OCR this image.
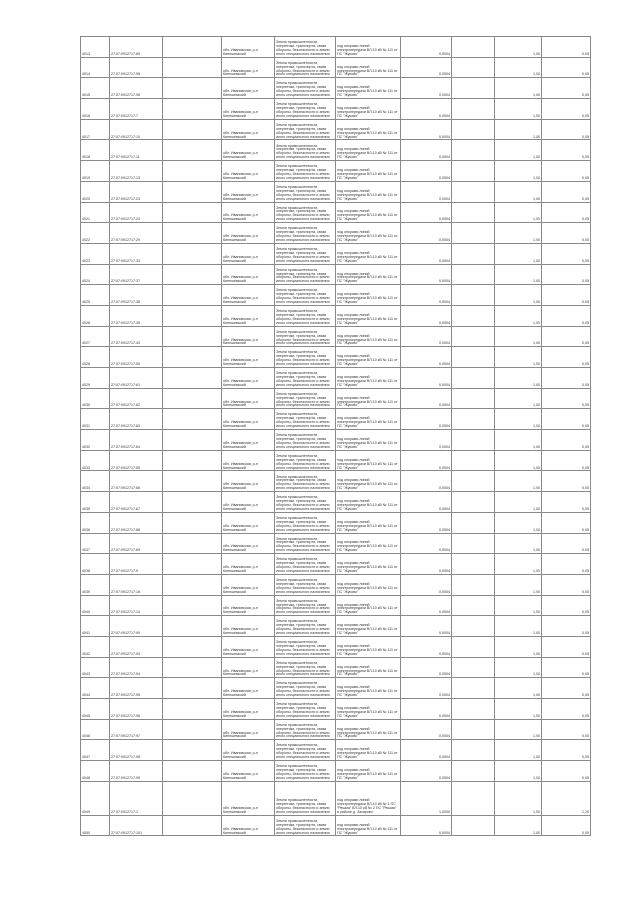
4013	27:07:0912717:89		обл. Ивановская, р-н Кинешемский	Земли промышленности, энергетики, транспорта, связи обороны, безопасности и земли иного специального назначения	под опорами линий электропередачи ВЛ-10 кВ № 111 от ПС "Жуково"	0,0004		1,00	0,05
4014	27:07:0912717:95		обл. Ивановская, р-н Кинешемский	Земли промышленности, энергетики, транспорта, связи обороны, безопасности и земли иного специального назначения	под опорами линий электропередачи ВЛ-10 кВ № 111 от ПС "Жуково"	0,0004		1,00	0,05
4015	27:07:0912717:96		обл. Ивановская, р-н Кинешемский	Земли промышленности, энергетики, транспорта, связи обороны, безопасности и земли иного специального назначения	под опорами линий электропередачи ВЛ-10 кВ № 111 от ПС "Жуково"	0,0004		1,00	0,05
4016	27:07:0912717:7		обл. Ивановская, р-н Кинешемский	Земли промышленности, энергетики, транспорта, связи обороны, безопасности и земли иного специального назначения	под опорами линий электропередачи ВЛ-10 кВ № 111 от ПС "Жуково"	0,0004		1,00	0,05
4017	27:07:0912717:10		обл. Ивановская, р-н Кинешемский	Земли промышленности, энергетики, транспорта, связи обороны, безопасности и земли иного специального назначения	под опорами линий электропередачи ВЛ-10 кВ № 111 от ПС "Жуково"	0,0004		1,00	0,05
4018	27:07:0912717:11		обл. Ивановская, р-н Кинешемский	Земли промышленности, энергетики, транспорта, связи обороны, безопасности и земли иного специального назначения	под опорами линий электропередачи ВЛ-10 кВ № 111 от ПС "Жуково"	0,0004		1,00	0,05
4019	27:07:0912717:13		обл. Ивановская, р-н Кинешемский	Земли промышленности, энергетики, транспорта, связи обороны, безопасности и земли иного специального назначения	под опорами линий электропередачи ВЛ-10 кВ № 111 от ПС "Жуково"	0,0004		1,00	0,05
4020	27:07:0912717:23		обл. Ивановская, р-н Кинешемский	Земли промышленности, энергетики, транспорта, связи обороны, безопасности и земли иного специального назначения	под опорами линий электропередачи ВЛ-10 кВ № 111 от ПС "Жуково"	0,0004		1,00	0,05
4021	27:07:0912717:24		обл. Ивановская, р-н Кинешемский	Земли промышленности, энергетики, транспорта, связи обороны, безопасности и земли иного специального назначения	под опорами линий электропередачи ВЛ-10 кВ № 111 от ПС "Жуково"	0,0004		1,00	0,05
4022	27:07:0912717:29		обл. Ивановская, р-н Кинешемский	Земли промышленности, энергетики, транспорта, связи обороны, безопасности и земли иного специального назначения	под опорами линий электропередачи ВЛ-10 кВ № 111 от ПС "Жуково"	0,0004		1,00	0,05
4023	27:07:0912717:33		обл. Ивановская, р-н Кинешемский	Земли промышленности, энергетики, транспорта, связи обороны, безопасности и земли иного специального назначения	под опорами линий электропередачи ВЛ-10 кВ № 111 от ПС "Жуково"	0,0004		1,00	0,05
4024	27:07:0912717:37		обл. Ивановская, р-н Кинешемский	Земли промышленности, энергетики, транспорта, связи обороны, безопасности и земли иного специального назначения	под опорами линий электропередачи ВЛ-10 кВ № 111 от ПС "Жуково"	0,0004		1,00	0,05
4025	27:07:0912717:38		обл. Ивановская, р-н Кинешемский	Земли промышленности, энергетики, транспорта, связи обороны, безопасности и земли иного специального назначения	под опорами линий электропередачи ВЛ-10 кВ № 111 от ПС "Жуково"	0,0004		1,00	0,05
4026	27:07:0912717:39		обл. Ивановская, р-н Кинешемский	Земли промышленности, энергетики, транспорта, связи обороны, безопасности и земли иного специального назначения	под опорами линий электропередачи ВЛ-10 кВ № 111 от ПС "Жуково"	0,0004		1,00	0,05
4027	27:07:0912717:43		обл. Ивановская, р-н Кинешемский	Земли промышленности, энергетики, транспорта, связи обороны, безопасности и земли иного специального назначения	под опорами линий электропередачи ВЛ-10 кВ № 111 от ПС "Жуково"	0,0004		1,00	0,05
4028	27:07:0912717:50		обл. Ивановская, р-н Кинешемский	Земли промышленности, энергетики, транспорта, связи обороны, безопасности и земли иного специального назначения	под опорами линий электропередачи ВЛ-10 кВ № 111 от ПС "Жуково"	0,0004		1,00	0,05
4029	27:07:0912717:61		обл. Ивановская, р-н Кинешемский	Земли промышленности, энергетики, транспорта, связи обороны, безопасности и земли иного специального назначения	под опорами линий электропередачи ВЛ-10 кВ № 111 от ПС "Жуково"	0,0004		1,00	0,05
4030	27:07:0912717:62		обл. Ивановская, р-н Кинешемский	Земли промышленности, энергетики, транспорта, связи обороны, безопасности и земли иного специального назначения	под опорами линий электропередачи ВЛ-10 кВ № 111 от ПС "Жуково"	0,0004		1,00	0,05
4031	27:07:0912717:63		обл. Ивановская, р-н Кинешемский	Земли промышленности, энергетики, транспорта, связи обороны, безопасности и земли иного специального назначения	под опорами линий электропередачи ВЛ-10 кВ № 111 от ПС "Жуково"	0,0004		1,00	0,05
4032	27:07:0912717:64		обл. Ивановская, р-н Кинешемский	Земли промышленности, энергетики, транспорта, связи обороны, безопасности и земли иного специального назначения	под опорами линий электропередачи ВЛ-10 кВ № 111 от ПС "Жуково"	0,0004		1,00	0,05
4033	27:07:0912717:65		обл. Ивановская, р-н Кинешемский	Земли промышленности, энергетики, транспорта, связи обороны, безопасности и земли иного специального назначения	под опорами линий электропередачи ВЛ-10 кВ № 111 от ПС "Жуково"	0,0004		1,00	0,05
4034	27:07:0912717:66		обл. Ивановская, р-н Кинешемский	Земли промышленности, энергетики, транспорта, связи обороны, безопасности и земли иного специального назначения	под опорами линий электропередачи ВЛ-10 кВ № 111 от ПС "Жуково"	0,0004		1,00	0,05
4035	27:07:0912717:67		обл. Ивановская, р-н Кинешемский	Земли промышленности, энергетики, транспорта, связи обороны, безопасности и земли иного специального назначения	под опорами линий электропередачи ВЛ-10 кВ № 111 от ПС "Жуково"	0,0004		1,00	0,05
4036	27:07:0912717:68		обл. Ивановская, р-н Кинешемский	Земли промышленности, энергетики, транспорта, связи обороны, безопасности и земли иного специального назначения	под опорами линий электропередачи ВЛ-10 кВ № 111 от ПС "Жуково"	0,0004		1,00	0,05
4037	27:07:0912717:69		обл. Ивановская, р-н Кинешемский	Земли промышленности, энергетики, транспорта, связи обороны, безопасности и земли иного специального назначения	под опорами линий электропередачи ВЛ-10 кВ № 111 от ПС "Жуково"	0,0004		1,00	0,05
4038	27:07:0912717:9		обл. Ивановская, р-н Кинешемский	Земли промышленности, энергетики, транспорта, связи обороны, безопасности и земли иного специального назначения	под опорами линий электропередачи ВЛ-10 кВ № 111 от ПС "Жуково"	0,0004		1,00	0,05
4039	27:07:0912717:16		обл. Ивановская, р-н Кинешемский	Земли промышленности, энергетики, транспорта, связи обороны, безопасности и земли иного специального назначения	под опорами линий электропередачи ВЛ-10 кВ № 111 от ПС "Жуково"	0,0004		1,00	0,05
4040	27:07:0912717:14		обл. Ивановская, р-н Кинешемский	Земли промышленности, энергетики, транспорта, связи обороны, безопасности и земли иного специального назначения	под опорами линий электропередачи ВЛ-10 кВ № 111 от ПС "Жуково"	0,0004		1,00	0,05
4041	27:07:0912717:90		обл. Ивановская, р-н Кинешемский	Земли промышленности, энергетики, транспорта, связи обороны, безопасности и земли иного специального назначения	под опорами линий электропередачи ВЛ-10 кВ № 111 от ПС "Жуково"	0,0004		1,00	0,05
4042	27:07:0912717:93		обл. Ивановская, р-н Кинешемский	Земли промышленности, энергетики, транспорта, связи обороны, безопасности и земли иного специального назначения	под опорами линий электропередачи ВЛ-10 кВ № 111 от ПС "Жуково"	0,0004		1,00	0,05
4043	27:07:0912717:94		обл. Ивановская, р-н Кинешемский	Земли промышленности, энергетики, транспорта, связи обороны, безопасности и земли иного специального назначения	под опорами линий электропередачи ВЛ-10 кВ № 111 от ПС "Жуково"	0,0004		1,00	0,05
4044	27:07:0912717:95		обл. Ивановская, р-н Кинешемский	Земли промышленности, энергетики, транспорта, связи обороны, безопасности и земли иного специального назначения	под опорами линий электропередачи ВЛ-10 кВ № 111 от ПС "Жуково"	0,0004		1,00	0,05
4045	27:07:0912717:96		обл. Ивановская, р-н Кинешемский	Земли промышленности, энергетики, транспорта, связи обороны, безопасности и земли иного специального назначения	под опорами линий электропередачи ВЛ-10 кВ № 111 от ПС "Жуково"	0,0004		1,00	0,05
4046	27:07:0912717:97		обл. Ивановская, р-н Кинешемский	Земли промышленности, энергетики, транспорта, связи обороны, безопасности и земли иного специального назначения	под опорами линий электропередачи ВЛ-10 кВ № 111 от ПС "Жуково"	0,0004		1,00	0,05
4047	27:07:0912717:98		обл. Ивановская, р-н Кинешемский	Земли промышленности, энергетики, транспорта, связи обороны, безопасности и земли иного специального назначения	под опорами линий электропередачи ВЛ-10 кВ № 111 от ПС "Жуково"	0,0004		1,00	0,05
4048	27:07:0912717:99		обл. Ивановская, р-н Кинешемский	Земли промышленности, энергетики, транспорта, связи обороны, безопасности и земли иного специального назначения	под опорами линий электропередачи ВЛ-10 кВ № 111 от ПС "Жуково"	0,0004		1,00	0,05
4049	27:07:0912717:1		обл. Ивановская, р-н Кинешемский	Земли промышленности, энергетики, транспорта, связи обороны, безопасности и земли иного специального назначения	под опорами линий электропередачи ВЛ-10 кВ № 1 ПС "Решма" ВЛ-10 кВ № 2 ПС "Решма" в районе д. Захарово	1,0000		1,00	1,20
4050	27:07:0912717:101		обл. Ивановская, р-н Кинешемский	Земли промышленности, энергетики, транспорта, связи обороны, безопасности и земли иного специального назначения	под опорами линий электропередачи ВЛ-10 кВ № 111 от ПС "Жуково"	0,0004		1,00	0,05
